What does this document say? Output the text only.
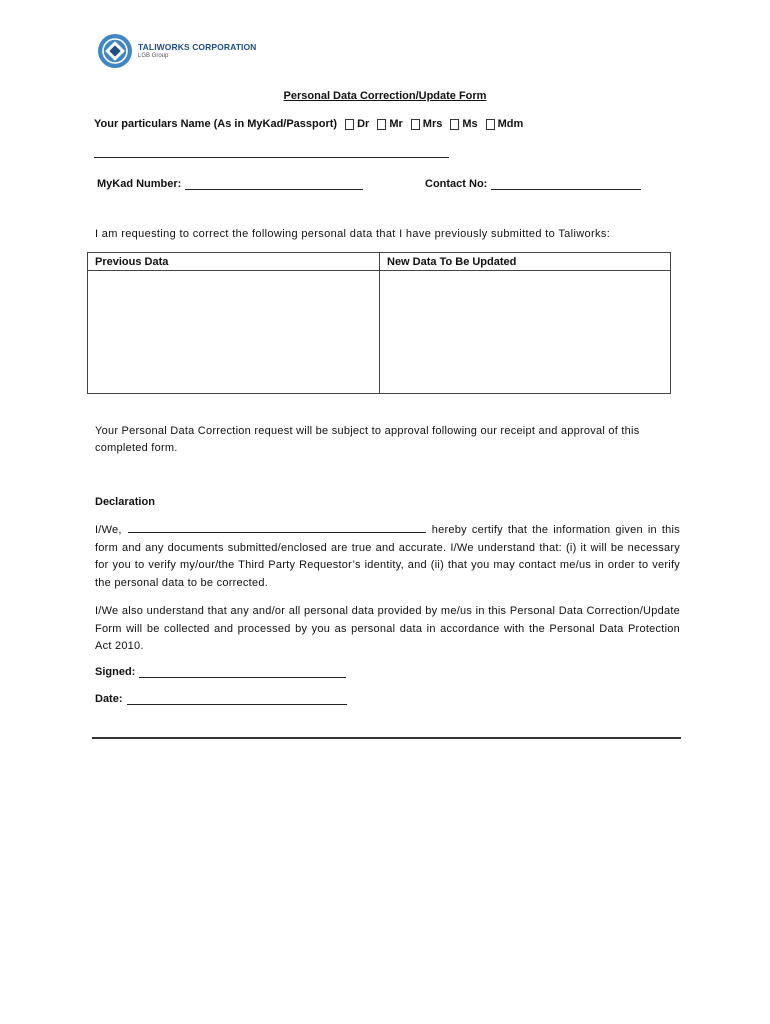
TALIWORKS CORPORATION
LGB Group
Personal Data Correction/Update Form
Your particulars Name (As in MyKad/Passport) Dr Mr Mrs Ms Mdm
MyKad Number:	Contact No:
I am requesting to correct the following personal data that I have previously submitted to Taliworks:
Previous Data	New Data To Be Updated
Your Personal Data Correction request will be subject to approval following our receipt and approval of this completed form.
Declaration
I/We,	hereby certify that the information given in this form and any documents submitted/enclosed are true and accurate. I/We understand that: (i) it will be necessary for you to verify my/our/the Third Party Requestor’s identity, and (ii) that you may contact me/us in order to verify the personal data to be corrected.
I/We also understand that any and/or all personal data provided by me/us in this Personal Data Correction/Update Form will be collected and processed by you as personal data in accordance with the Personal Data Protection Act 2010.
Signed:
Date:
